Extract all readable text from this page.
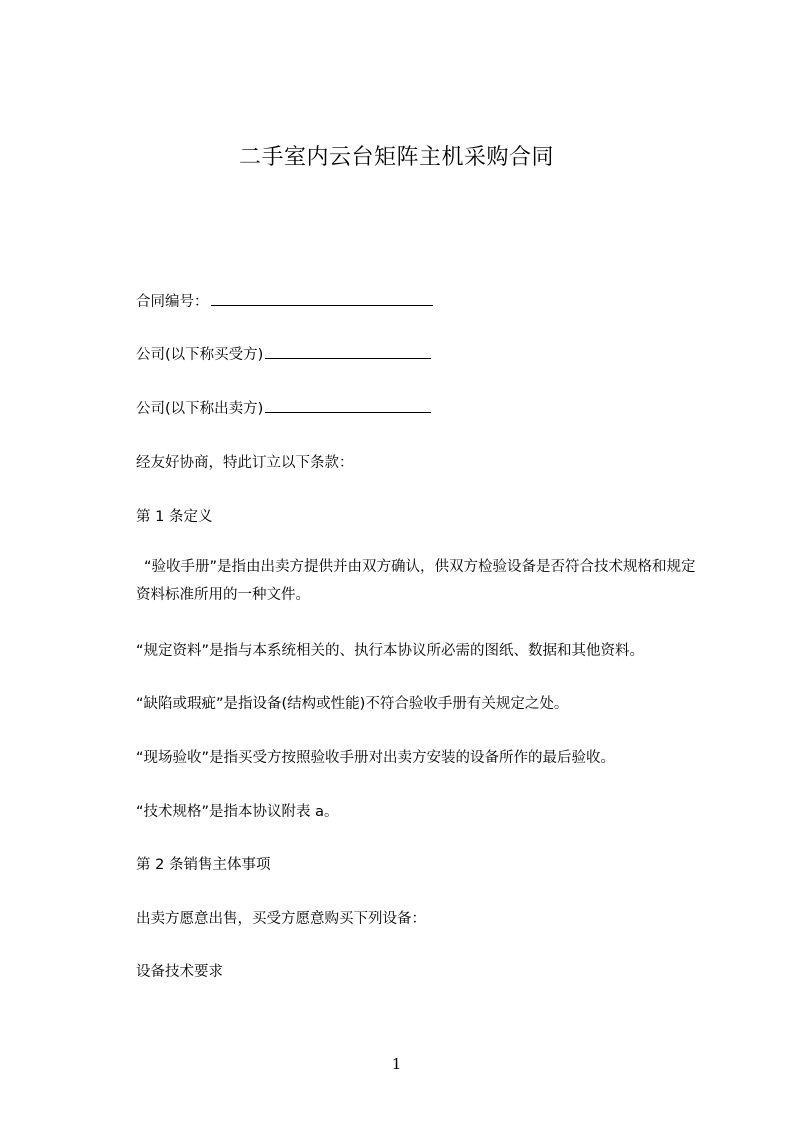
二手室内云台矩阵主机采购合同
合同编号：
公司(以下称买受方)
公司(以下称出卖方)
经友好协商，特此订立以下条款：
第 1 条定义
“验收手册”是指由出卖方提供并由双方确认，供双方检验设备是否符合技术规格和规定资料标准所用的一种文件。
“规定资料”是指与本系统相关的、执行本协议所必需的图纸、数据和其他资料。
“缺陷或瑕疵”是指设备(结构或性能)不符合验收手册有关规定之处。
“现场验收”是指买受方按照验收手册对出卖方安装的设备所作的最后验收。
“技术规格”是指本协议附表 a。
第 2 条销售主体事项
出卖方愿意出售，买受方愿意购买下列设备：
设备技术要求
1
